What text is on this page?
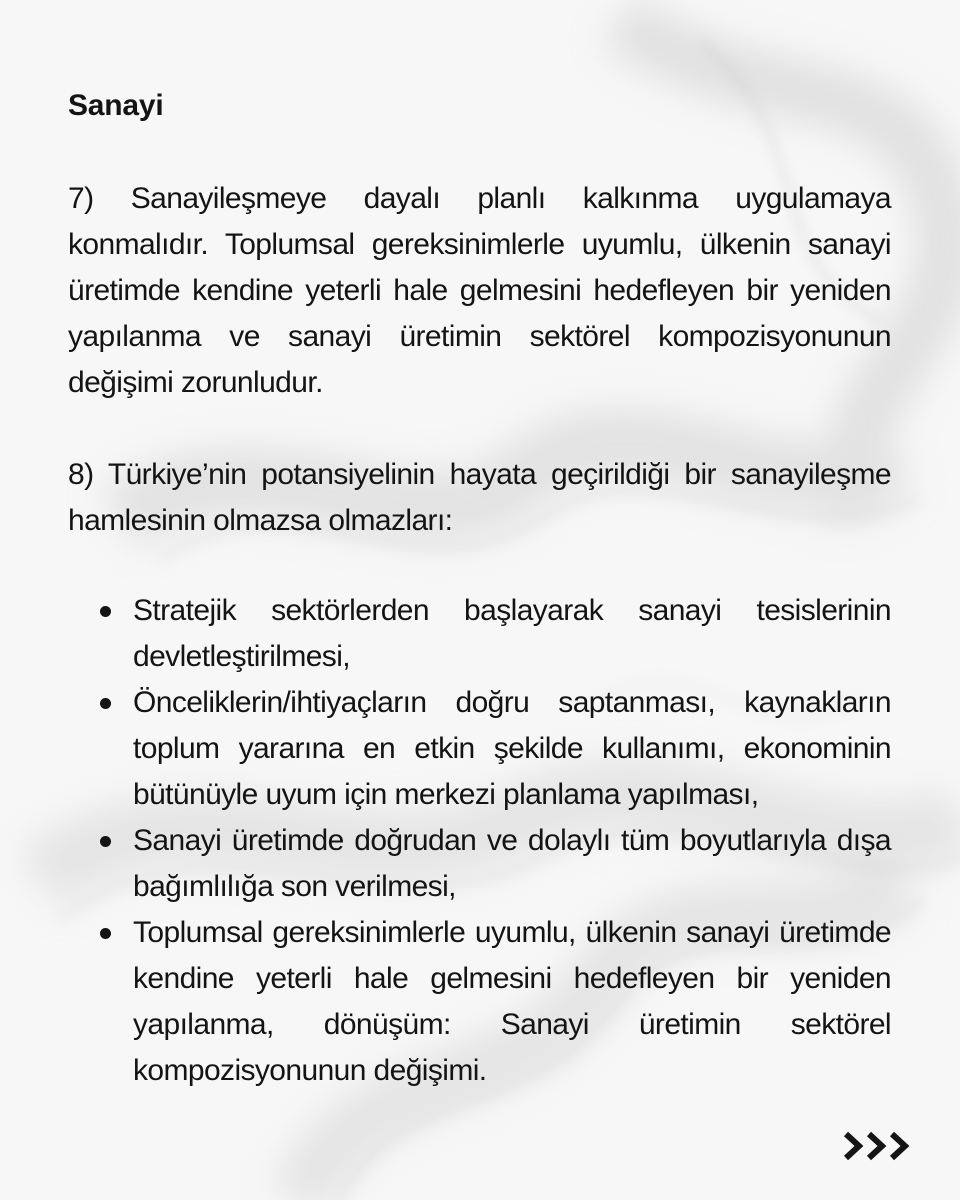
Sanayi

7) Sanayileşmeye dayalı planlı kalkınma uygulamaya konmalıdır. Toplumsal gereksinimlerle uyumlu, ülkenin sanayi üretimde kendine yeterli hale gelmesini hedefleyen bir yeniden yapılanma ve sanayi üretimin sektörel kompozisyonunun değişimi zorunludur.

8) Türkiye’nin potansiyelinin hayata geçirildiği bir sanayileşme hamlesinin olmazsa olmazları:

Stratejik sektörlerden başlayarak sanayi tesislerinin devletleştirilmesi,
Önceliklerin/ihtiyaçların doğru saptanması, kaynakların toplum yararına en etkin şekilde kullanımı, ekonominin bütünüyle uyum için merkezi planlama yapılması,
Sanayi üretimde doğrudan ve dolaylı tüm boyutlarıyla dışa bağımlılığa son verilmesi,
Toplumsal gereksinimlerle uyumlu, ülkenin sanayi üretimde kendine yeterli hale gelmesini hedefleyen bir yeniden yapılanma, dönüşüm: Sanayi üretimin sektörel kompozisyonunun değişimi.
